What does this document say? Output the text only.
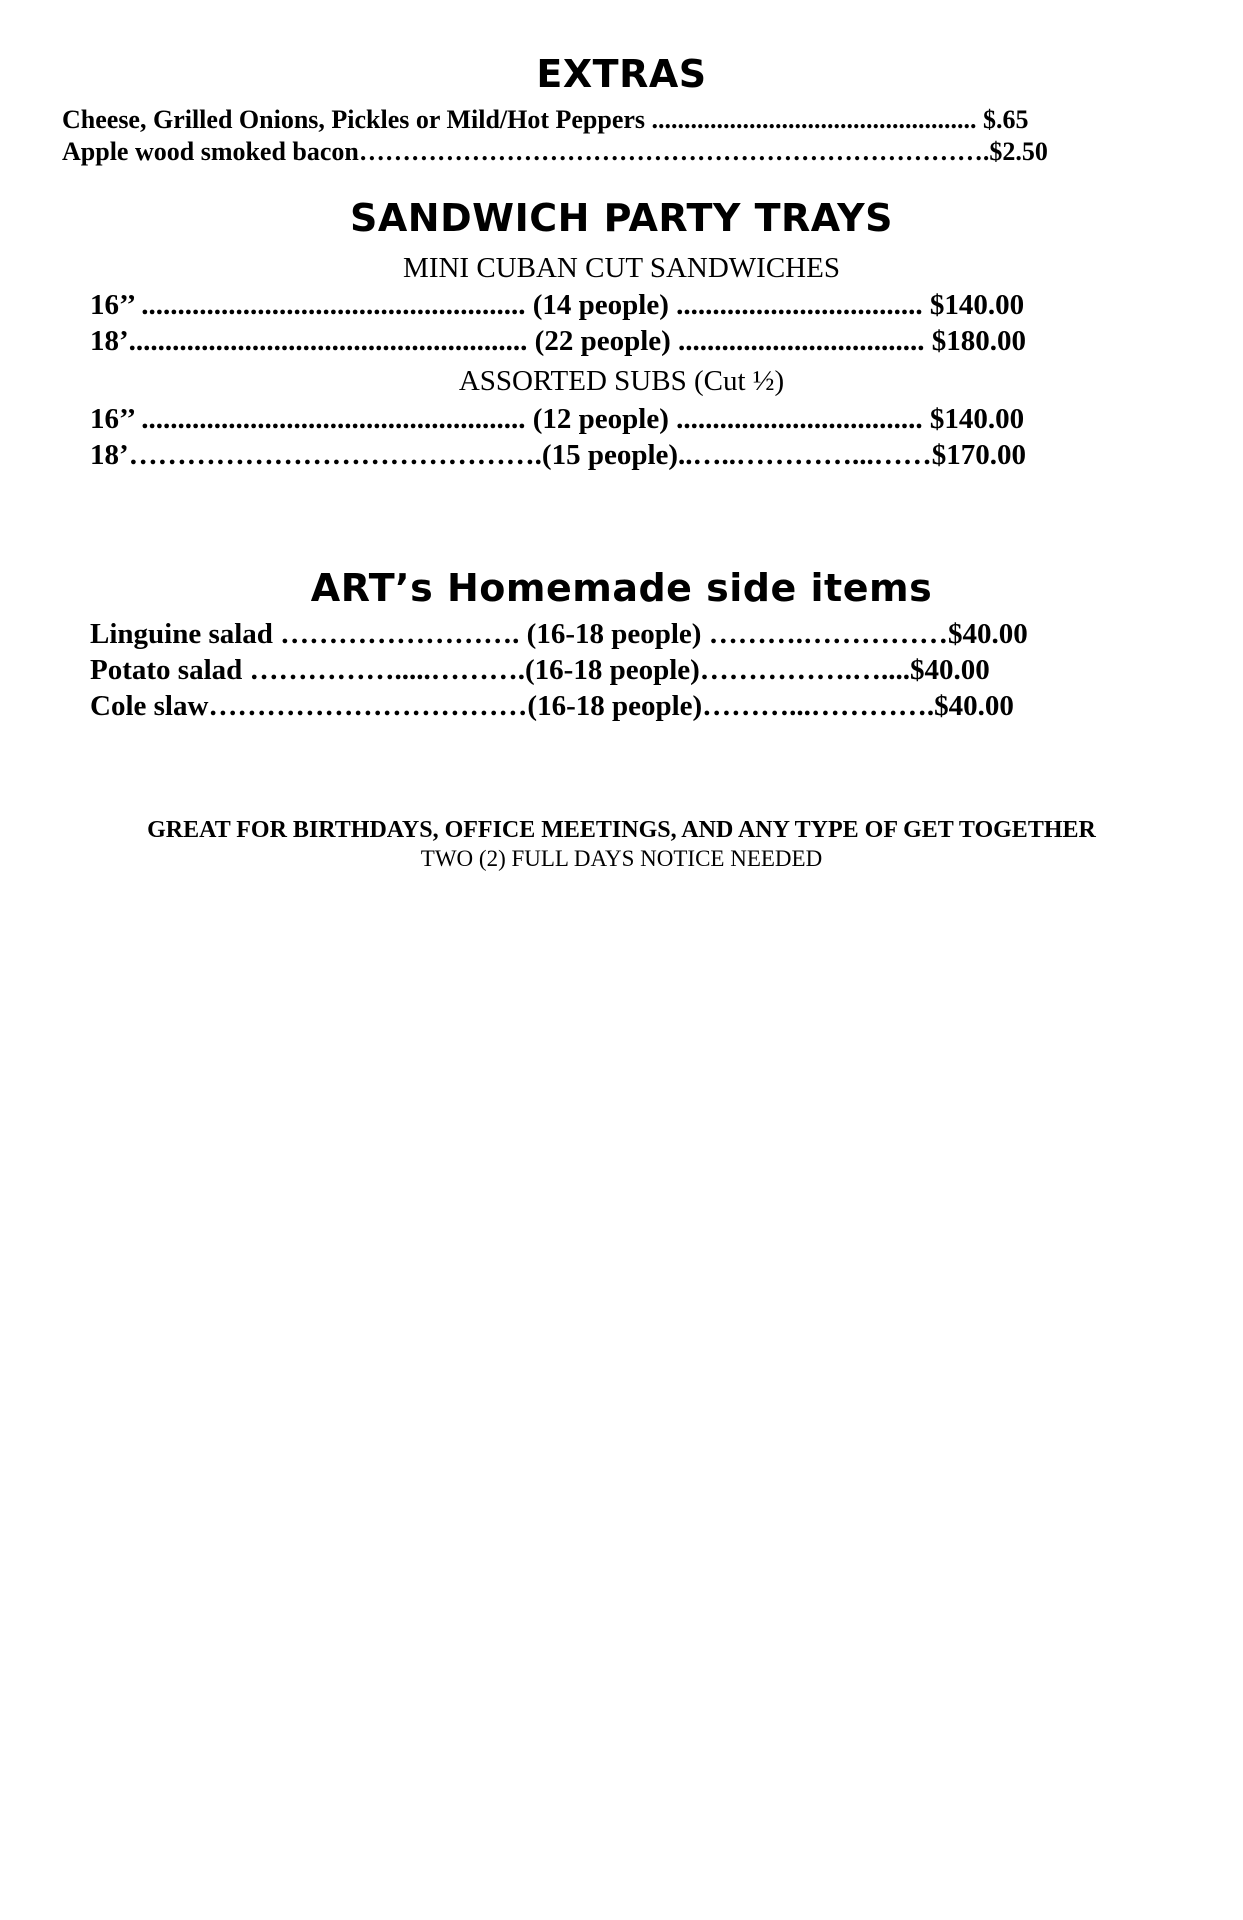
EXTRAS
Cheese, Grilled Onions, Pickles or Mild/Hot Peppers .................................................. $.65
Apple wood smoked bacon……………………………………………………………….$2.50
SANDWICH PARTY TRAYS
MINI CUBAN CUT SANDWICHES
16’’ ..................................................... (14 people) .................................. $140.00
18’....................................................... (22 people) .................................. $180.00
ASSORTED SUBS (Cut ½)
16’’ ..................................................... (12 people) .................................. $140.00
18’…………………………………….(15 people)..…..…………...……$170.00
ART’s Homemade side items
Linguine salad ……………………. (16-18 people) ……….……………$40.00
Potato salad …………….....……….(16-18 people)…………….…....$40.00
Cole slaw……………………………(16-18 people)………...………….$40.00
GREAT FOR BIRTHDAYS, OFFICE MEETINGS, AND ANY TYPE OF GET TOGETHER
TWO (2) FULL DAYS NOTICE NEEDED
